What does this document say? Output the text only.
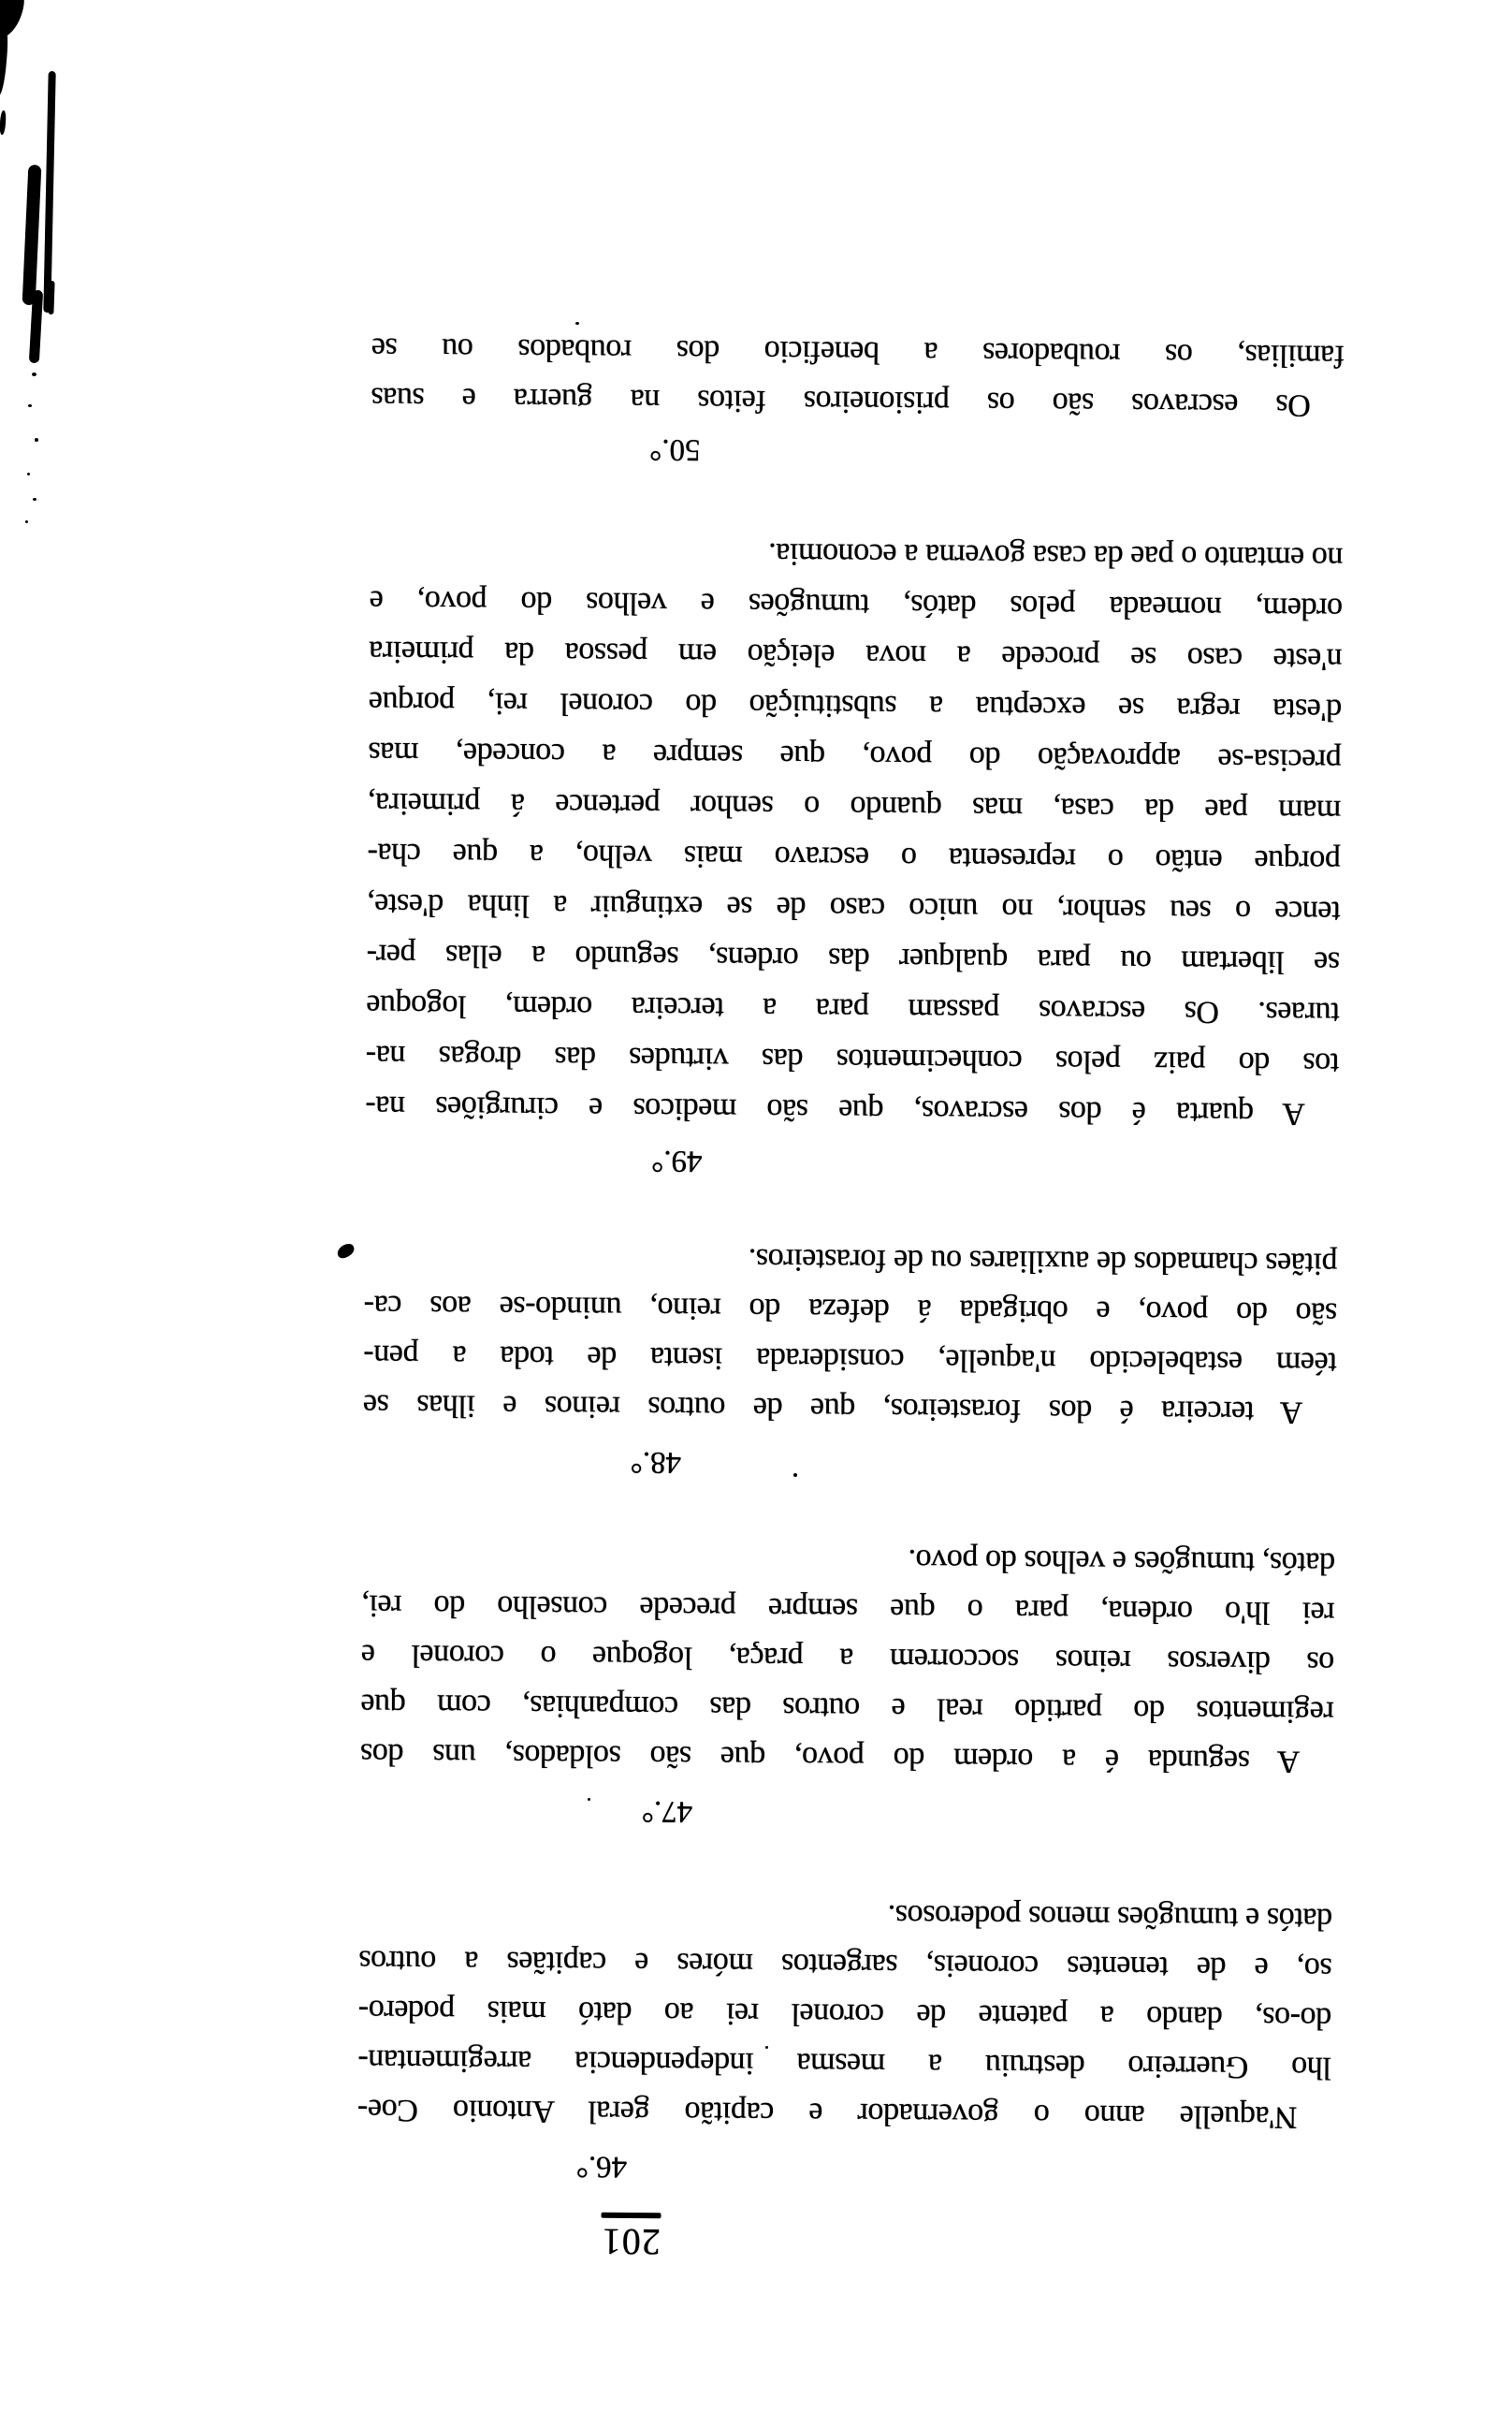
201
46.°
N'aquelle anno o governador e capitão geral Antonio Coe-
lho Guerreiro destruiu a mesma independencia arregimentan-
do-os, dando a patente de coronel rei ao dató mais podero-
so, e de tenentes coroneis, sargentos móres e capitães a outros
datós e tumugões menos poderosos.
47.°
A segunda é a ordem do povo, que são soldados, uns dos
regimentos do partido real e outros das companhias, com que
os diversos reinos soccorrem a praça, logoque o coronel e
rei lh'o ordena, para o que sempre precede conselho do rei,
datós, tumugões e velhos do povo.
48.°
A terceira é dos forasteiros, que de outros reinos e ilhas se
téem estabelecido n'aquelle, considerada isenta de toda a pen-
são do povo, e obrigada á defeza do reino, unindo-se aos ca-
pitães chamados de auxiliares ou de forasteiros.
49.°
A quarta é dos escravos, que são medicos e cirurgiões na-
tos do paiz pelos conhecimentos das virtudes das drogas na-
turaes. Os escravos passam para a terceira ordem, logoque
se libertam ou para qualquer das ordens, segundo a ellas per-
tence o seu senhor, no unico caso de se extinguir a linha d'este,
porque então o representa o escravo mais velho, a que cha-
mam pae da casa, mas quando o senhor pertence á primeira,
precisa-se approvação do povo, que sempre a concede, mas
d'esta regra se exceptua a substituição do coronel rei, porque
n'este caso se procede a nova eleição em pessoa da primeira
ordem, nomeada pelos datós, tumugões e velhos do povo, e
no emtanto o pae da casa governa a economia.
50.°
Os escravos são os prisioneiros feitos na guerra e suas
familias, os roubadores a beneficio dos roubados ou se
